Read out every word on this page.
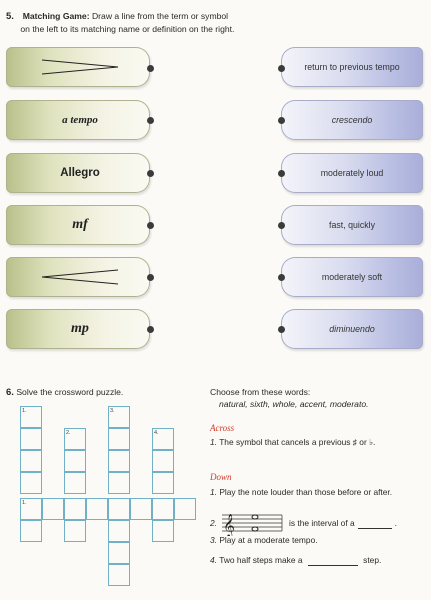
5. Matching Game: Draw a line from the term or symbol
on the left to its matching name or definition on the right.
a tempo
Allegro
mf
mp
return to previous tempo
crescendo
moderately loud
fast, quickly
moderately soft
diminuendo
6. Solve the crossword puzzle.	Choose from these words:
natural, sixth, whole, accent, moderato.
1.
2.
3.
4.
1.
Across
1. The symbol that cancels a previous ♯ or ♭.
Down
1. Play the note louder than those before or after.
2. 𝄞	is the interval of a
	.
3. Play at a moderate tempo.
4. Two half steps make a	step.
